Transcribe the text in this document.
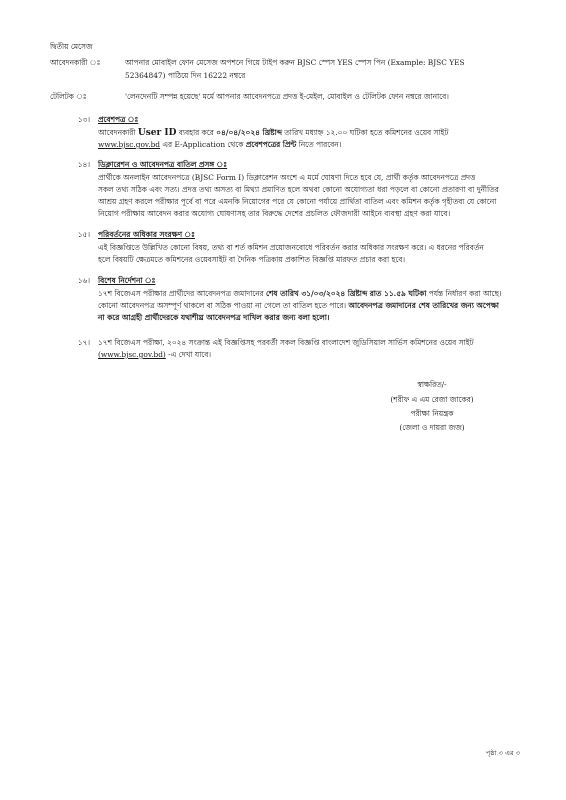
দ্বিতীয় মেসেজ
আবেদনকারী ঃ	আপনার মোবাইল ফোন মেসেজ অপশনে গিয়ে টাইপ করুন BJSC স্পেস YES স্পেস পিন (Example: BJSC YES
52364847) পাঠিয়ে দিন 16222 নম্বরে
টেলিটক ঃ	'লেনদেনটি সম্পন্ন হয়েছে' মর্মে আপনার আবেদনপত্রে প্রদত্ত ই-মেইল, মোবাইল ও টেলিটক ফোন নম্বরে জানাবে।
১৩। প্রবেশপত্র ঃ
আবেদনকারী User ID ব্যবহার করে ০৪/০৪/২০২৪ খ্রিষ্টাব্দ তারিখ মধ্যাহ্ন ১২.০০ ঘটিকা হতে কমিশনের ওয়েব সাইট
www.bjsc.gov.bd এর E-Application থেকে প্রবেশপত্রের প্রিন্ট নিতে পারবেন।
১৪। ডিক্লারেশন ও আবেদনপত্র বাতিল প্রসঙ্গ ঃ
প্রার্থীকে অনলাইন আবেদনপত্রে (BJSC Form I) ডিক্লারেশন অংশে এ মর্মে ঘোষণা দিতে হবে যে, প্রার্থী কর্তৃক আবেদনপত্রে প্রদত্ত
সকল তথ্য সঠিক এবং সত্য। প্রদত্ত তথ্য অসত্য বা মিথ্যা প্রমাণিত হলে অথবা কোনো অযোগ্যতা ধরা পড়লে বা কোনো প্রতারণা বা দুর্নীতির
আশ্রয় গ্রহণ করলে পরীক্ষার পূর্বে বা পরে এমনকি নিয়োগের পরে যে কোনো পর্যায়ে প্রার্থিতা বাতিল এবং কমিশন কর্তৃক গৃহীতব্য যে কোনো
নিয়োগ পরীক্ষায় আবেদন করার অযোগ্য ঘোষণাসহ তার বিরুদ্ধে দেশের প্রচলিত ফৌজদারী আইনে ব্যবস্থা গ্রহণ করা যাবে।
১৫। পরিবর্তনের অধিকার সংরক্ষণ ঃ
এই বিজ্ঞপ্তিতে উল্লিখিত কোনো বিষয়, তথ্য বা শর্ত কমিশন প্রয়োজনবোধে পরিবর্তন করার অধিকার সংরক্ষণ করে। এ ধরনের পরিবর্তন
হলে বিষয়টি ক্ষেত্রমতে কমিশনের ওয়েবসাইট বা দৈনিক পত্রিকায় প্রকাশিত বিজ্ঞপ্তি মারফত প্রচার করা হবে।
১৬। বিশেষ নির্দেশনা ঃ
১৭শ বিজেএস পরীক্ষার প্রার্থীদের আবেদনপত্র জমাদানের শেষ তারিখ ৩১/০৩/২০২৪ খ্রিষ্টাব্দ রাত ১১.৫৯ ঘটিকা পর্যন্ত নির্ধারণ করা আছে।
কোনো আবেদনপত্র অসম্পূর্ণ থাকলে বা সঠিক পাওয়া না গেলে তা বাতিল হতে পারে। আবেদনপত্র জমাদানের শেষ তারিখের জন্য অপেক্ষা
না করে আগ্রহী প্রার্থীদেরকে যথাশীঘ্র আবেদনপত্র দাখিল করার জন্য বলা হলো।
১৭। ১৭শ বিজেএস পরীক্ষা, ২০২৪ সংক্রান্ত এই বিজ্ঞপ্তিসহ পরবর্তী সকল বিজ্ঞপ্তি বাংলাদেশ জুডিসিয়াল সার্ভিস কমিশনের ওয়েব সাইট
(www.bjsc.gov.bd) -এ দেখা যাবে।
স্বাক্ষরিত/-
(শরীফ এ এম রেজা জাকের)
পরীক্ষা নিয়ন্ত্রক
(জেলা ও দায়রা জজ)
পৃষ্ঠা ৩ এর ৩
